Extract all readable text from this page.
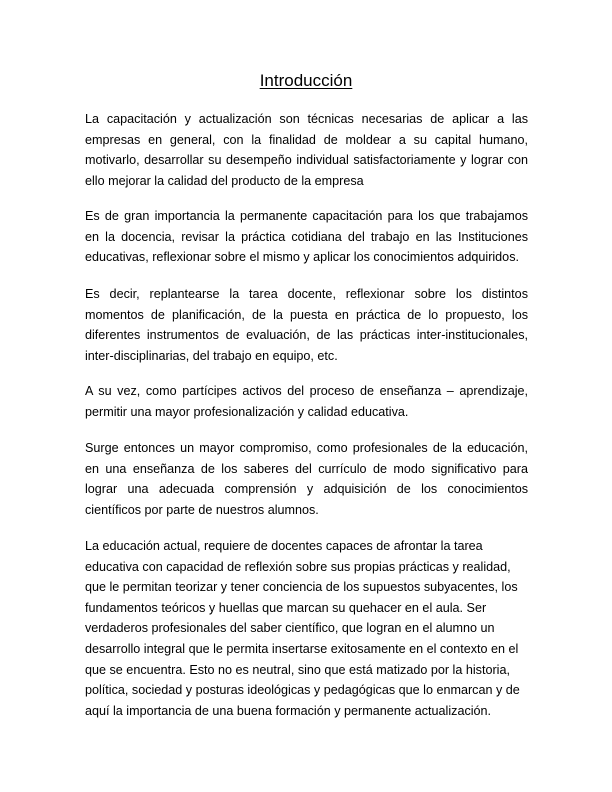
Introducción

La capacitación y actualización son técnicas necesarias de aplicar a las empresas en general, con la finalidad de moldear a su capital humano, motivarlo, desarrollar su desempeño individual satisfactoriamente y lograr con ello mejorar la calidad del producto de la empresa

Es de gran importancia la permanente capacitación para los que trabajamos en la docencia, revisar la práctica cotidiana del trabajo en las Instituciones educativas, reflexionar sobre el mismo y aplicar los conocimientos adquiridos.

Es decir, replantearse la tarea docente, reflexionar sobre los distintos momentos de planificación, de la puesta en práctica de lo propuesto, los diferentes instrumentos de evaluación, de las prácticas inter-institucionales, inter-disciplinarias, del trabajo en equipo, etc.

A su vez, como partícipes activos del proceso de enseñanza – aprendizaje, permitir una mayor profesionalización y calidad educativa.

Surge entonces un mayor compromiso, como profesionales de la educación, en una enseñanza de los saberes del currículo de modo significativo para lograr una adecuada comprensión y adquisición de los conocimientos científicos por parte de nuestros alumnos.

La educación actual, requiere de docentes capaces de afrontar la tarea educativa con capacidad de reflexión sobre sus propias prácticas y realidad, que le permitan teorizar y tener conciencia de los supuestos subyacentes, los fundamentos teóricos y huellas que marcan su quehacer en el aula. Ser verdaderos profesionales del saber científico, que logran en el alumno un desarrollo integral que le permita insertarse exitosamente en el contexto en el que se encuentra. Esto no es neutral, sino que está matizado por la historia, política, sociedad y posturas ideológicas y pedagógicas que lo enmarcan y de aquí la importancia de una buena formación y permanente actualización.
